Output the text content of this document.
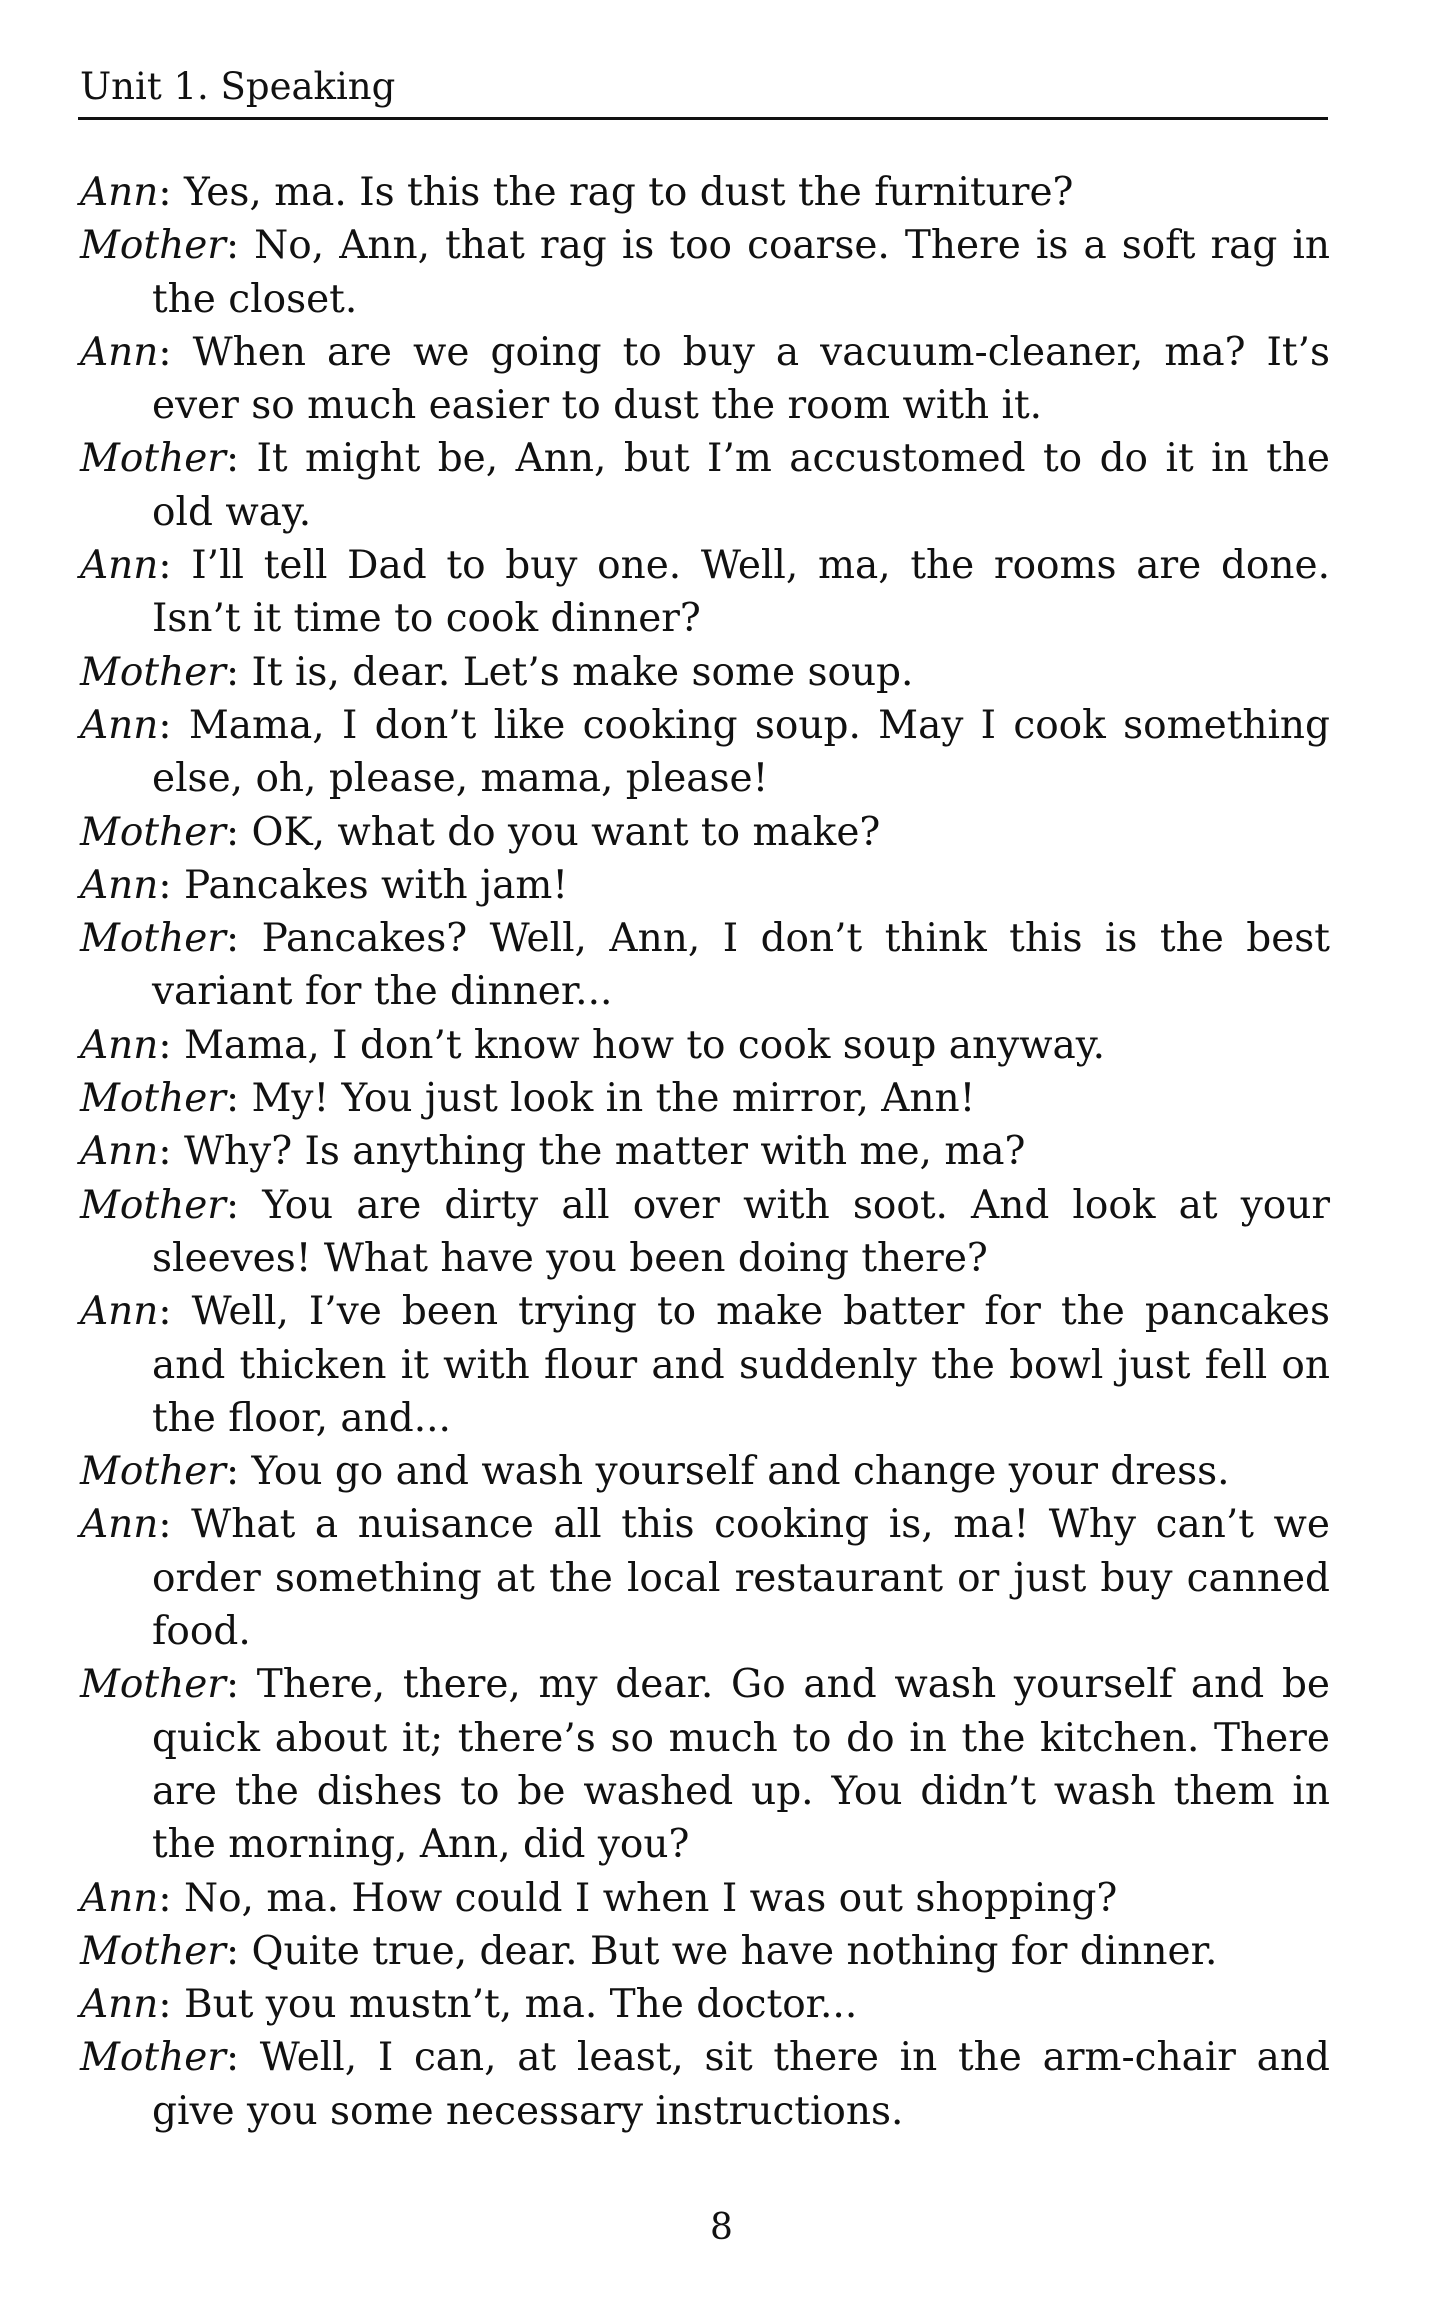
Unit 1. Speaking

Ann: Yes, ma. Is this the rag to dust the furniture?

Mother: No, Ann, that rag is too coarse. There is a soft rag in the closet.

Ann: When are we going to buy a vacuum-cleaner, ma? It’s ever so much easier to dust the room with it.

Mother: It might be, Ann, but I’m accustomed to do it in the old way.

Ann: I’ll tell Dad to buy one. Well, ma, the rooms are done. Isn’t it time to cook dinner?

Mother: It is, dear. Let’s make some soup.

Ann: Mama, I don’t like cooking soup. May I cook something else, oh, please, mama, please!

Mother: OK, what do you want to make?

Ann: Pancakes with jam!

Mother: Pancakes? Well, Ann, I don’t think this is the best variant for the dinner...

Ann: Mama, I don’t know how to cook soup anyway.

Mother: My! You just look in the mirror, Ann!

Ann: Why? Is anything the matter with me, ma?

Mother: You are dirty all over with soot. And look at your sleeves! What have you been doing there?

Ann: Well, I’ve been trying to make batter for the pancakes and thicken it with flour and suddenly the bowl just fell on the floor, and...

Mother: You go and wash yourself and change your dress.

Ann: What a nuisance all this cooking is, ma! Why can’t we order something at the local restaurant or just buy canned food.

Mother: There, there, my dear. Go and wash yourself and be quick about it; there’s so much to do in the kitchen. There are the dishes to be washed up. You didn’t wash them in the morning, Ann, did you?

Ann: No, ma. How could I when I was out shopping?

Mother: Quite true, dear. But we have nothing for dinner.

Ann: But you mustn’t, ma. The doctor...

Mother: Well, I can, at least, sit there in the arm-chair and give you some necessary instructions.

8
